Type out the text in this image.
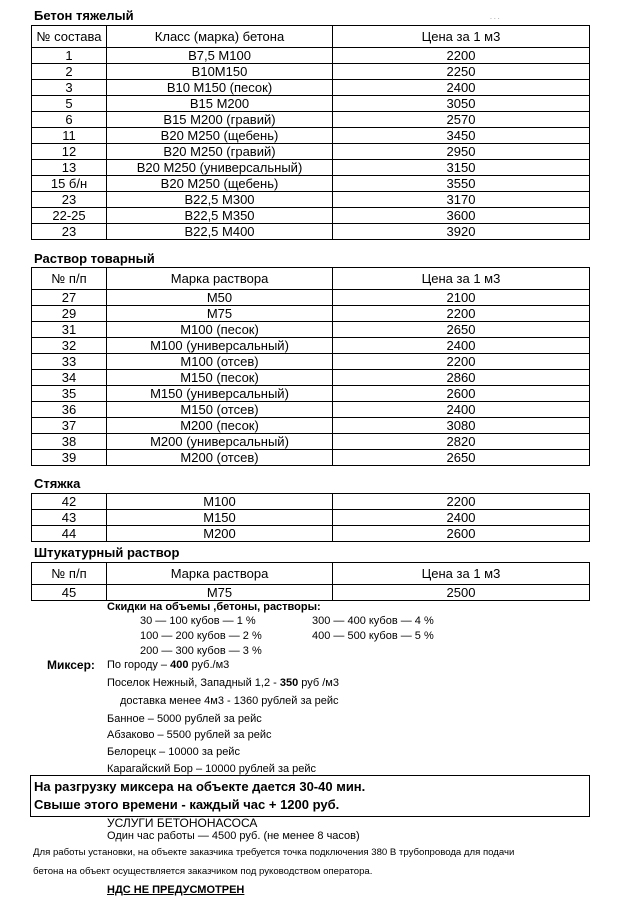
. . .
Бетон тяжелый
№ состава	Класс (марка) бетона	Цена за 1 м3
1	В7,5 М100	2200
2	В10М150	2250
3	В10 М150 (песок)	2400
5	В15 М200	3050
6	В15 М200 (гравий)	2570
11	В20 М250 (щебень)	3450
12	В20 М250 (гравий)	2950
13	В20 М250 (универсальный)	3150
15 б/н	В20 М250 (щебень)	3550
23	В22,5 М300	3170
22-25	В22,5 М350	3600
23	В22,5 М400	3920
Раствор товарный
№ п/п	Марка раствора	Цена за 1 м3
27	М50	2100
29	М75	2200
31	М100 (песок)	2650
32	М100 (универсальный)	2400
33	М100 (отсев)	2200
34	М150 (песок)	2860
35	М150 (универсальный)	2600
36	М150 (отсев)	2400
37	М200 (песок)	3080
38	М200 (универсальный)	2820
39	М200 (отсев)	2650
Стяжка
42	М100	2200
43	М150	2400
44	М200	2600
Штукатурный раствор
№ п/п	Марка раствора	Цена за 1 м3
45	М75	2500
Скидки на объемы ,бетоны, растворы:
30 — 100 кубов — 1 %
100 — 200 кубов — 2 %
200 — 300 кубов — 3 %
300 — 400 кубов — 4 %
400 — 500 кубов — 5 %
Миксер: По городу – 400 руб./м3
Поселок Нежный, Западный 1,2 - 350 руб /м3
доставка менее 4м3 - 1360 рублей за рейс
Банное – 5000 рублей за рейс
Абзаково – 5500 рублей за рейс
Белорецк – 10000 за рейс
Карагайский Бор – 10000 рублей за рейс
На разгрузку миксера на объекте дается 30-40 мин.
Свыше этого времени - каждый час + 1200 руб.
УСЛУГИ БЕТОНОНАСОСА
Один час работы — 4500 руб. (не менее 8 часов)
Для работы установки, на объекте заказчика требуется точка подключения 380 В трубопровода для подачи
бетона на объект осуществляется заказчиком под руководством оператора.
НДС НЕ ПРЕДУСМОТРЕН
